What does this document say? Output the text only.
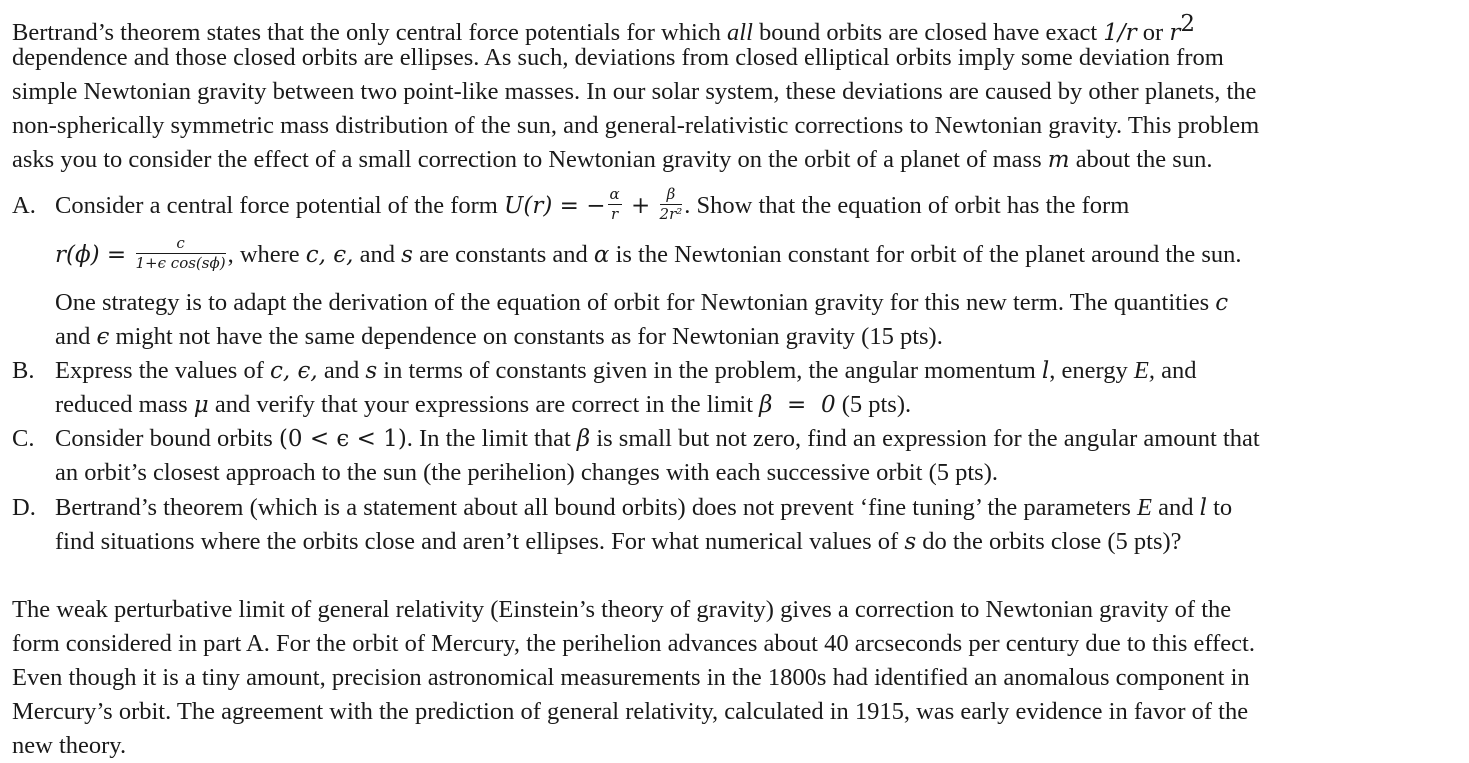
Bertrand’s theorem states that the only central force potentials for which all bound orbits are closed have exact 1/r or $r^2$
dependence and those closed orbits are ellipses. As such, deviations from closed elliptical orbits imply some deviation from
simple Newtonian gravity between two point-like masses. In our solar system, these deviations are caused by other planets, the
non-spherically symmetric mass distribution of the sun, and general-relativistic corrections to Newtonian gravity. This problem
asks you to consider the effect of a small correction to Newtonian gravity on the orbit of a planet of mass m about the sun.
A. Consider a central force potential of the form U(r) = − $\frac{\alpha}{r} + \frac{\beta}{\text{2r²}}$ . Show that the equation of orbit has the form
$r(\phi) = \frac{c}{\text{1+ϵ cos(sϕ)}}$ , where c, ϵ, and s are constants and α is the Newtonian constant for orbit of the planet around the sun.
One strategy is to adapt the derivation of the equation of orbit for Newtonian gravity for this new term. The quantities c
and ϵ might not have the same dependence on constants as for Newtonian gravity (15 pts).
B. Express the values of c, ϵ, and s in terms of constants given in the problem, the angular momentum l, energy E, and
reduced mass μ and verify that your expressions are correct in the limit β  =  0 (5 pts).
C. Consider bound orbits (0 < ϵ < 1). In the limit that β is small but not zero, find an expression for the angular amount that
an orbit’s closest approach to the sun (the perihelion) changes with each successive orbit (5 pts).
D. Bertrand’s theorem (which is a statement about all bound orbits) does not prevent ‘fine tuning’ the parameters E and l to
find situations where the orbits close and aren’t ellipses. For what numerical values of s do the orbits close (5 pts)?
The weak perturbative limit of general relativity (Einstein’s theory of gravity) gives a correction to Newtonian gravity of the
form considered in part A. For the orbit of Mercury, the perihelion advances about 40 arcseconds per century due to this effect.
Even though it is a tiny amount, precision astronomical measurements in the 1800s had identified an anomalous component in
Mercury’s orbit. The agreement with the prediction of general relativity, calculated in 1915, was early evidence in favor of the
new theory.
